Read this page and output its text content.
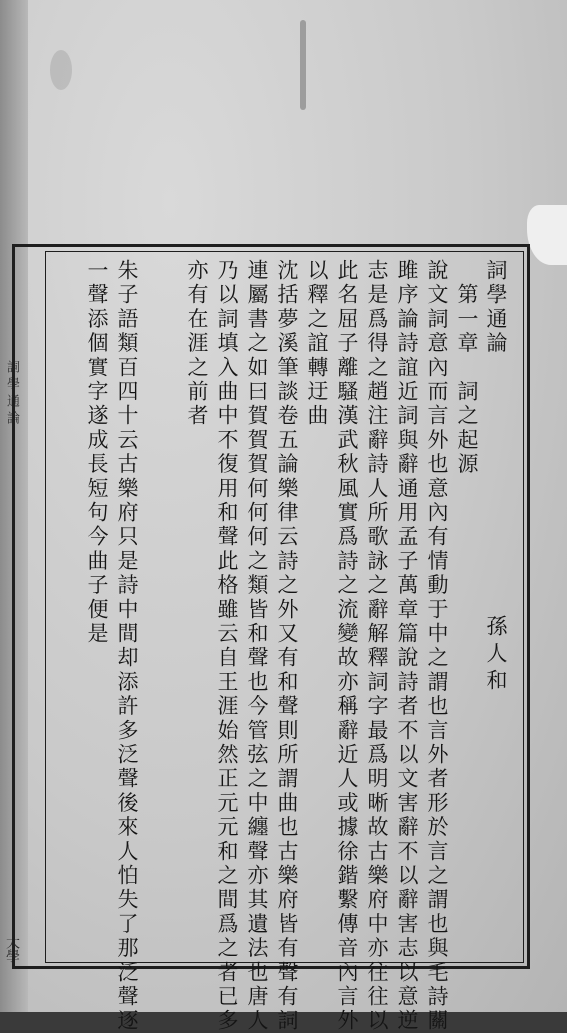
詞學通論
大學
詞學通論
　第一章　詞之起源
說文詞意內而言外也意內有情動于中之謂也言外者形於言之謂也與毛詩關
雎序論詩誼近詞與辭通用孟子萬章篇說詩者不以文害辭不以辭害志以意逆
志是爲得之趙注辭詩人所歌詠之辭解釋詞字最爲明晰故古樂府中亦往往以
此名屈子離騷漢武秋風實爲詩之流變故亦稱辭近人或據徐鍇繫傳音內言外
以釋之誼轉迂曲
沈括夢溪筆談卷五論樂律云詩之外又有和聲則所謂曲也古樂府皆有聲有詞
連屬書之如曰賀賀賀何何何之類皆和聲也今管弦之中纏聲亦其遺法也唐人
乃以詞填入曲中不復用和聲此格雖云自王涯始然正元元和之間爲之者已多
亦有在涯之前者
朱子語類百四十云古樂府只是詩中間却添許多泛聲後來人怕失了那泛聲逐
一聲添個實字遂成長短句今曲子便是
孫人和
